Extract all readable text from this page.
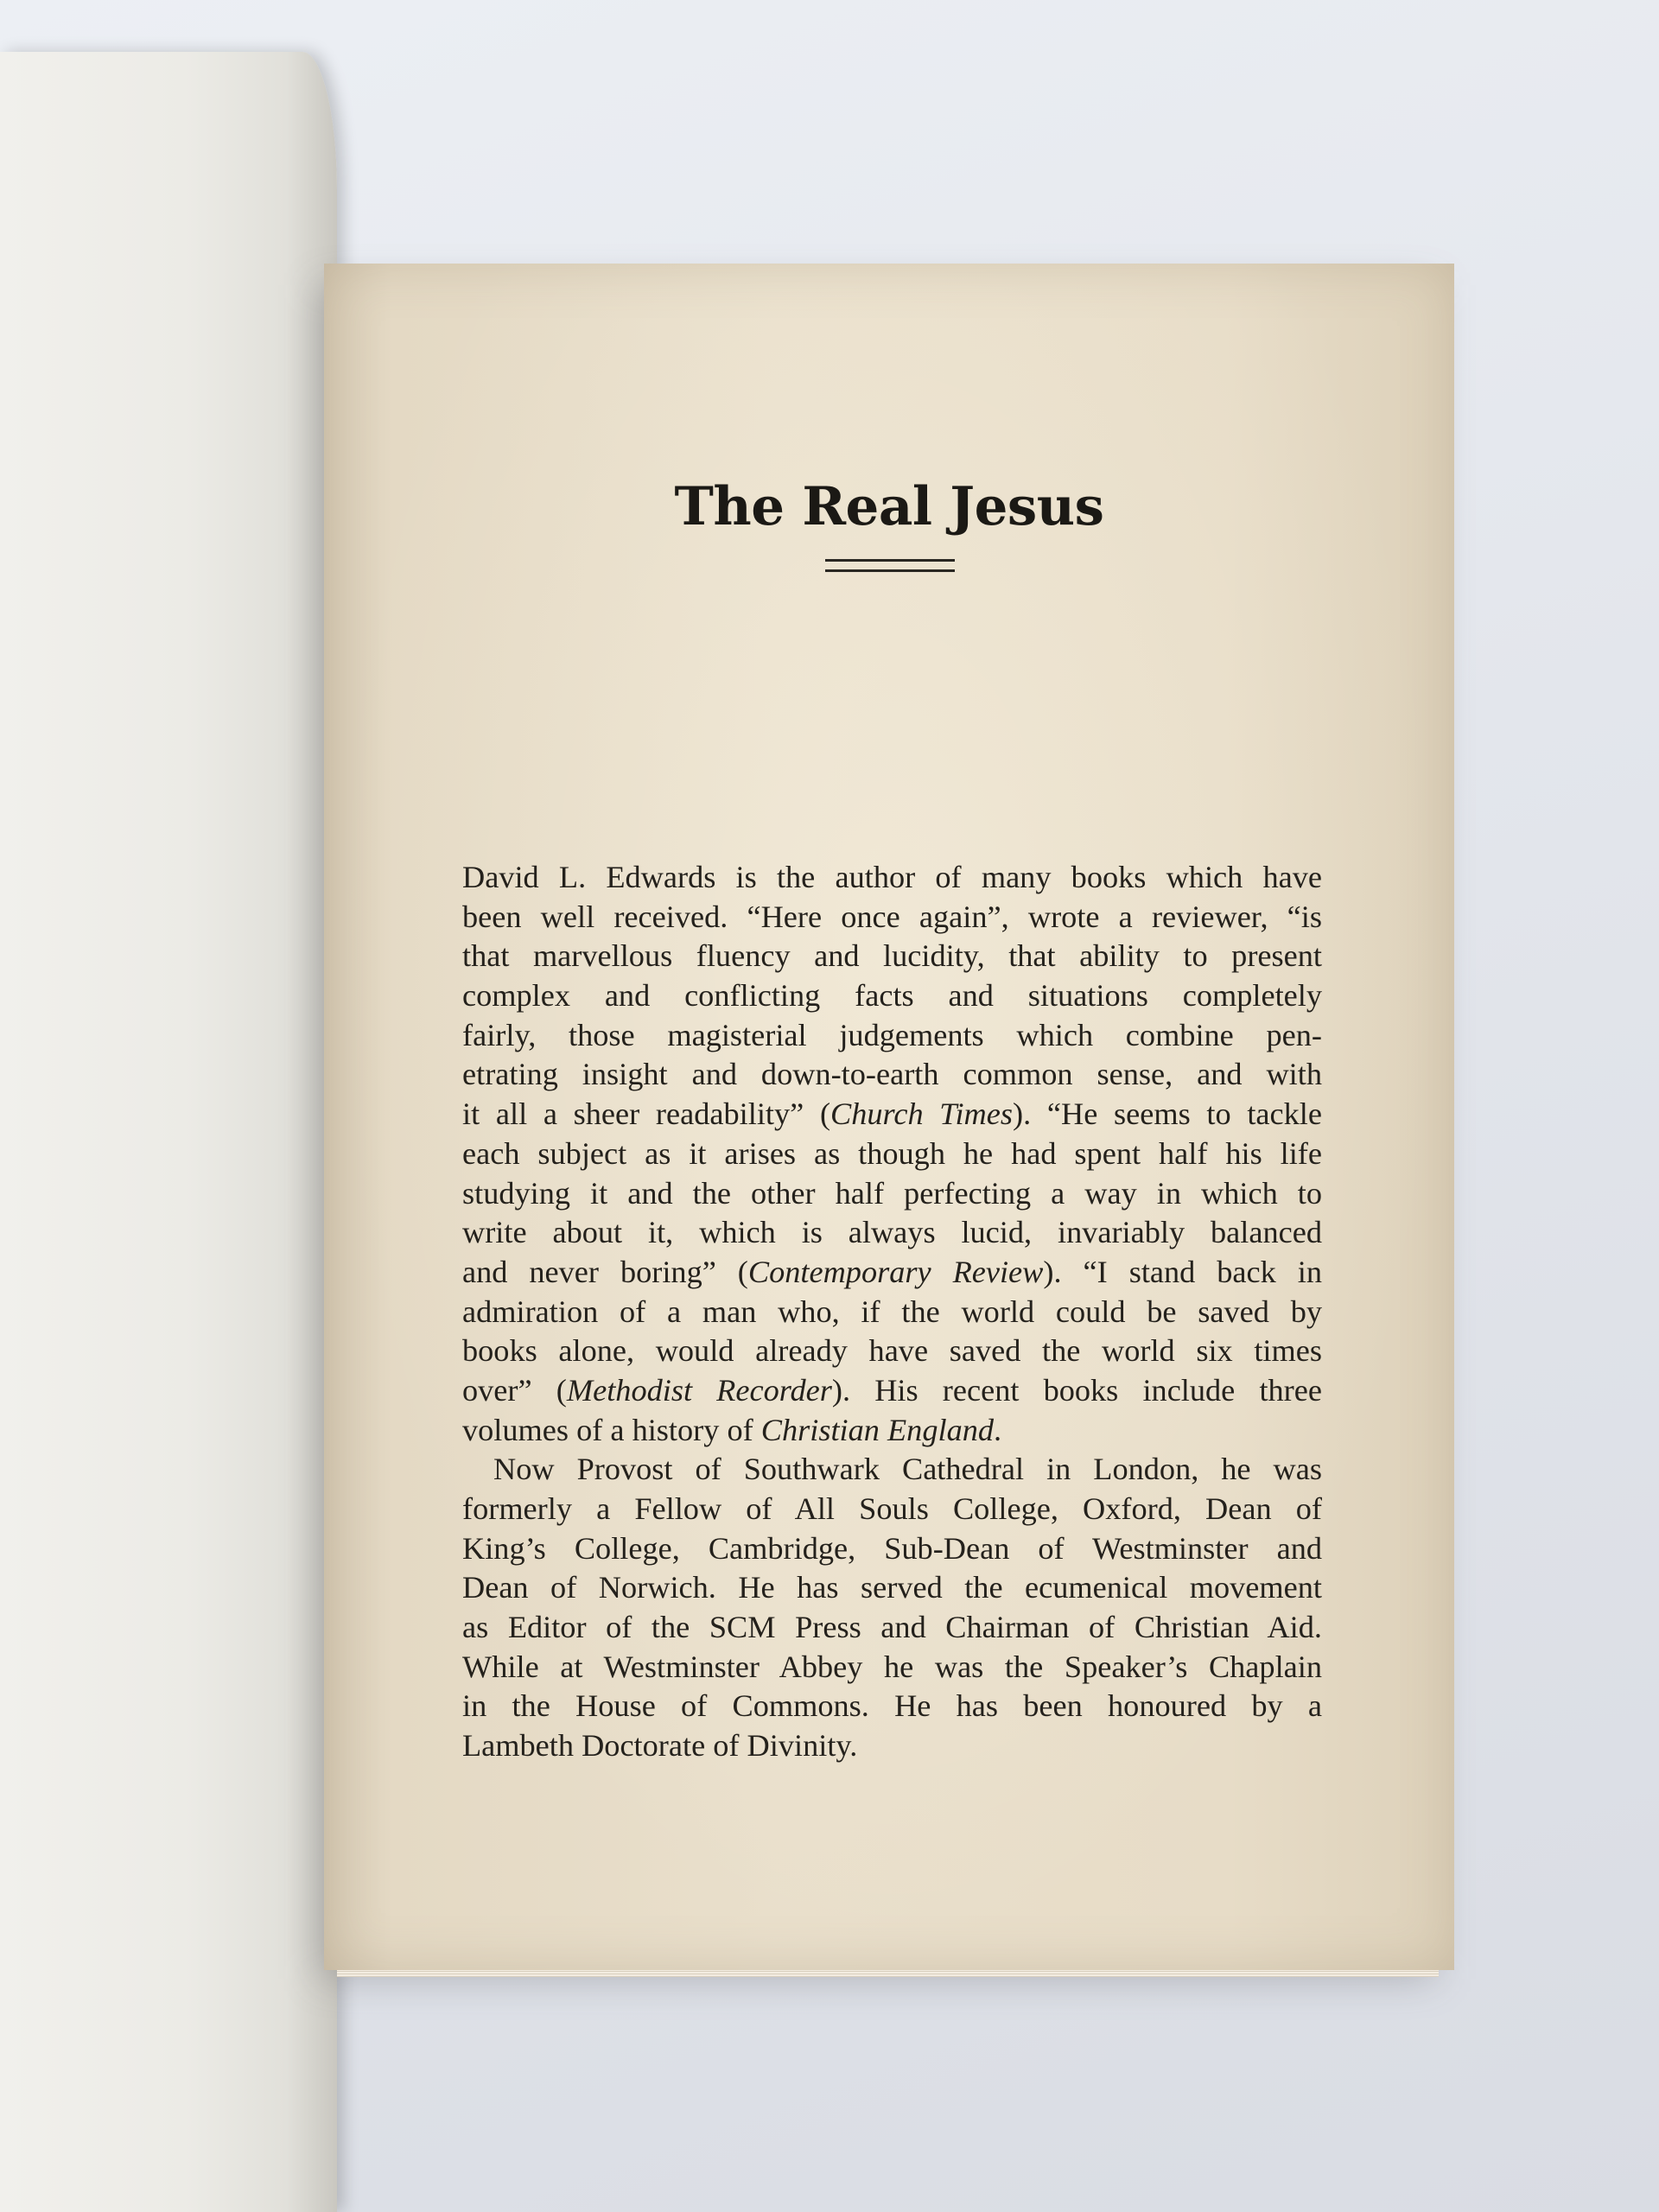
The Real Jesus
David L. Edwards is the author of many books which have
been well received. “Here once again”, wrote a reviewer, “is
that marvellous fluency and lucidity, that ability to present
complex and conflicting facts and situations completely
fairly, those magisterial judgements which combine pen-
etrating insight and down-to-earth common sense, and with
it all a sheer readability” (Church Times). “He seems to tackle
each subject as it arises as though he had spent half his life
studying it and the other half perfecting a way in which to
write about it, which is always lucid, invariably balanced
and never boring” (Contemporary Review). “I stand back in
admiration of a man who, if the world could be saved by
books alone, would already have saved the world six times
over” (Methodist Recorder). His recent books include three
volumes of a history of Christian England.
Now Provost of Southwark Cathedral in London, he was
formerly a Fellow of All Souls College, Oxford, Dean of
King’s College, Cambridge, Sub-Dean of Westminster and
Dean of Norwich. He has served the ecumenical movement
as Editor of the SCM Press and Chairman of Christian Aid.
While at Westminster Abbey he was the Speaker’s Chaplain
in the House of Commons. He has been honoured by a
Lambeth Doctorate of Divinity.
